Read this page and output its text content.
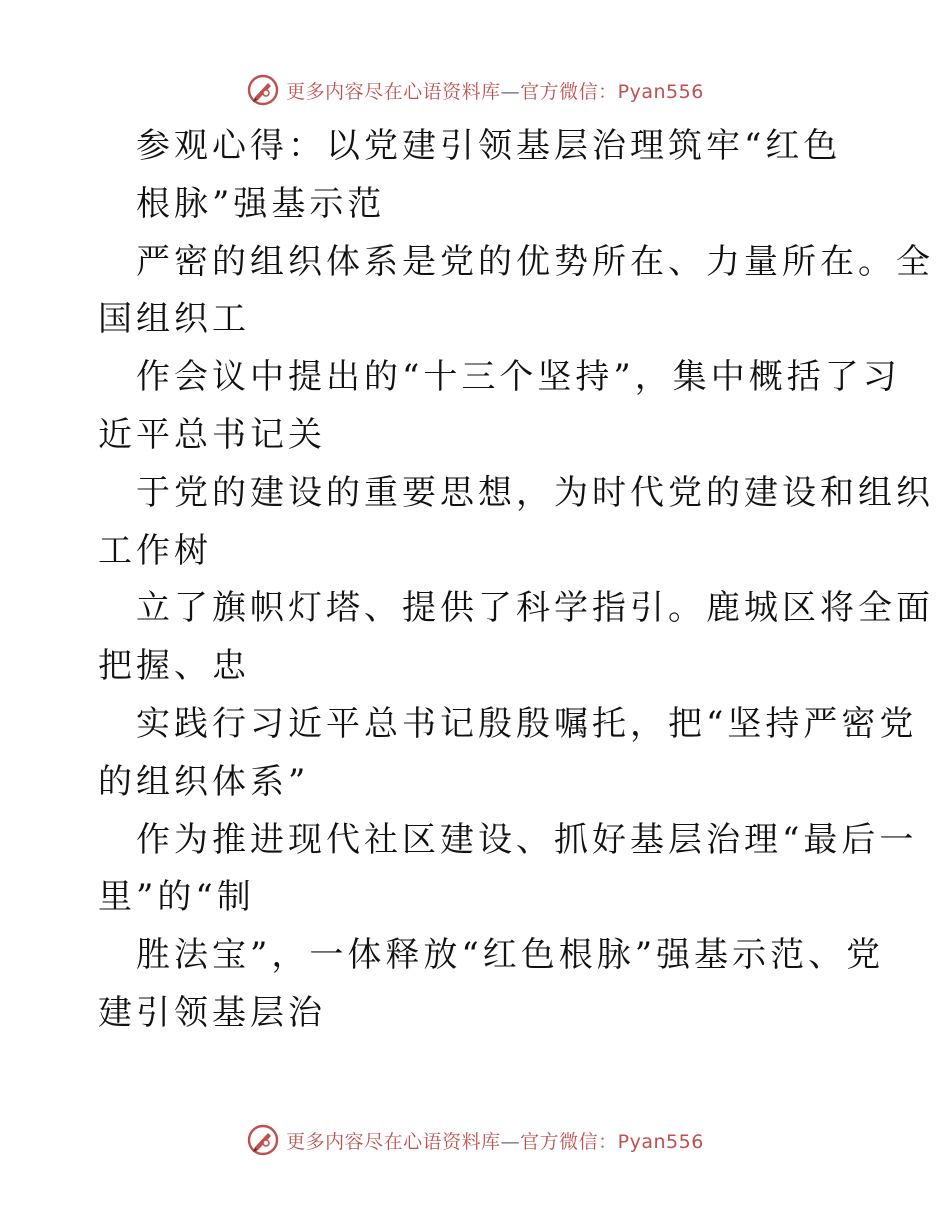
更多内容尽在心语资料库—官方微信：Pyan556
参观心得：以党建引领基层治理筑牢“红色
根脉”强基示范
严密的组织体系是党的优势所在、力量所在。全
国组织工
作会议中提出的“十三个坚持”，集中概括了习
近平总书记关
于党的建设的重要思想，为时代党的建设和组织
工作树
立了旗帜灯塔、提供了科学指引。鹿城区将全面
把握、忠
实践行习近平总书记殷殷嘱托，把“坚持严密党
的组织体系”
作为推进现代社区建设、抓好基层治理“最后一
里”的“制
胜法宝”，一体释放“红色根脉”强基示范、党
建引领基层治
更多内容尽在心语资料库—官方微信：Pyan556
